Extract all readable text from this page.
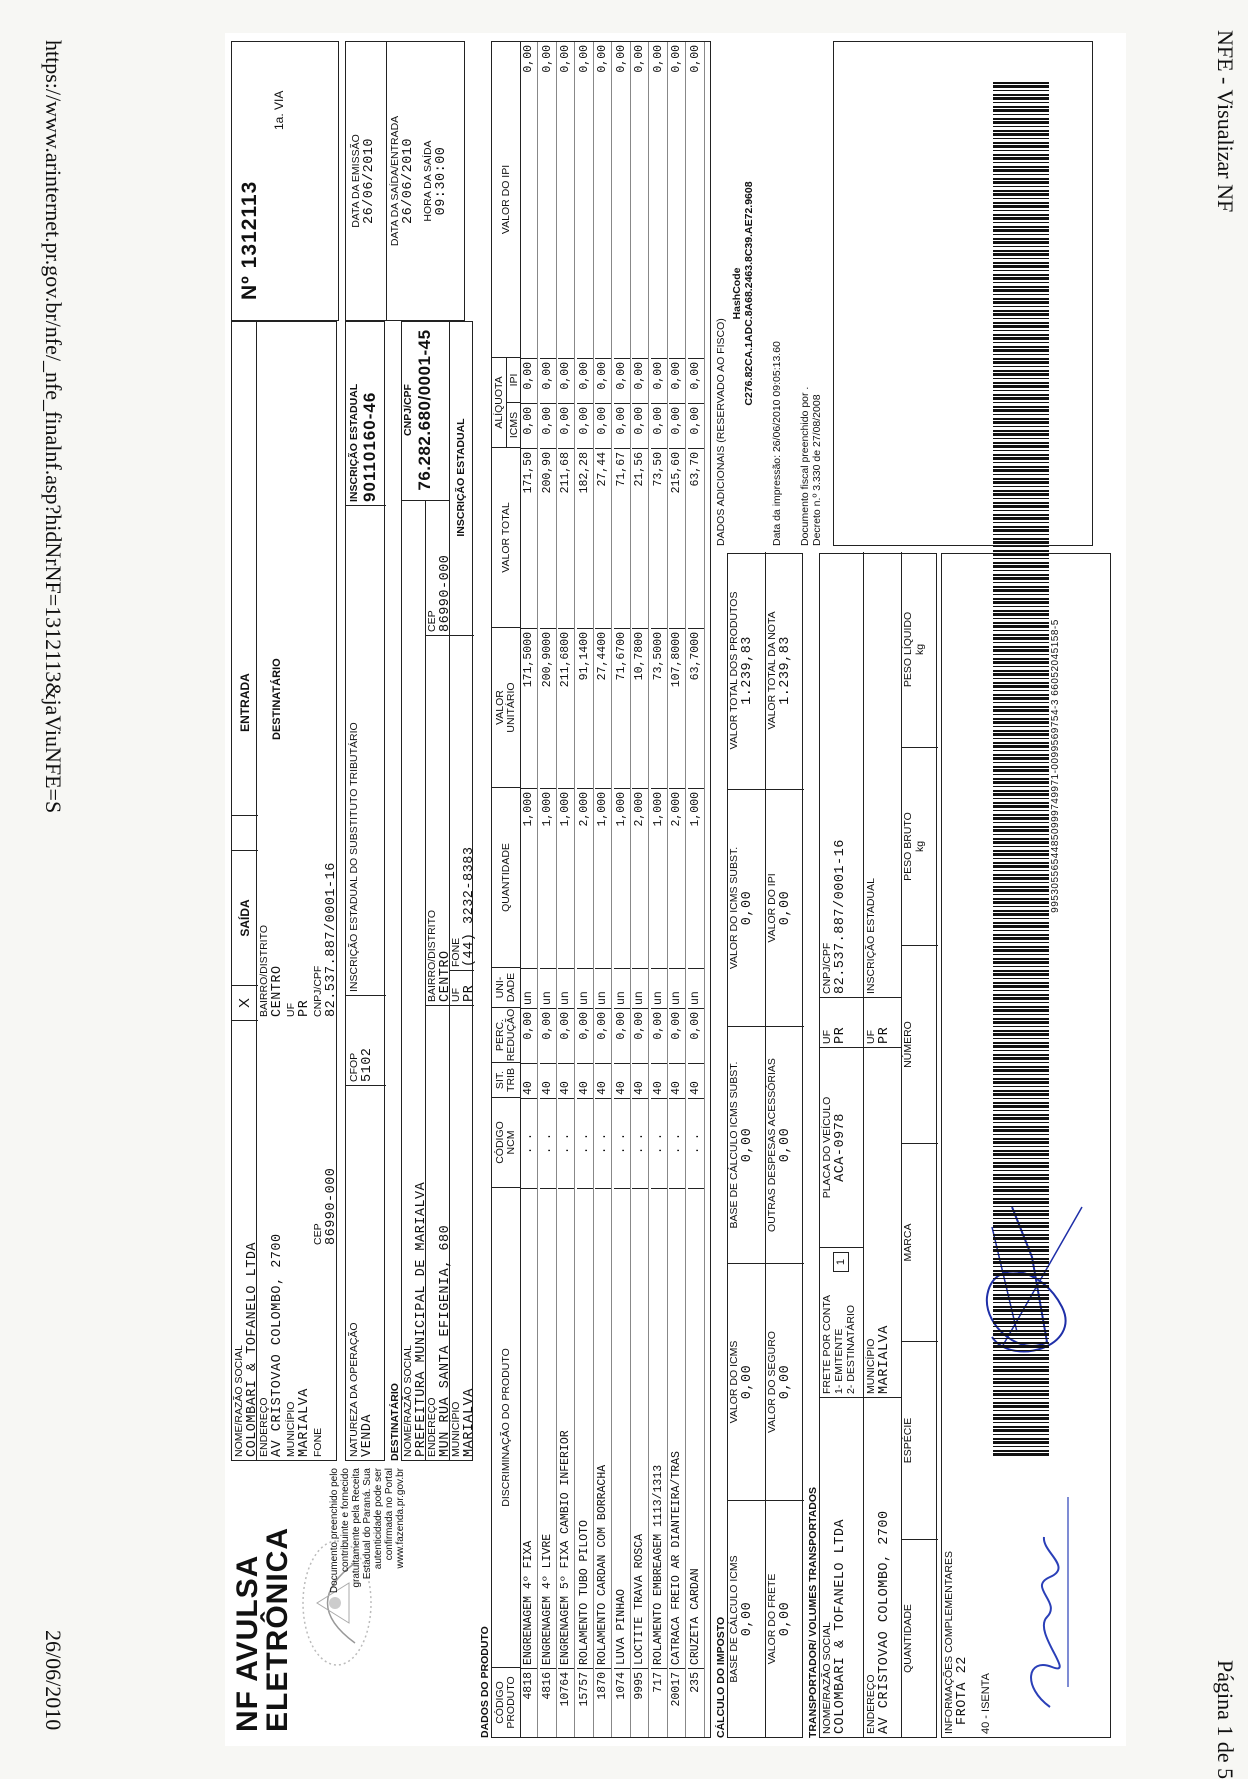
NFE - Visualizar NF
Página 1 de 5
https://www.arinternet.pr.gov.br/nfe/_nfe_finalnf.asp?hidNrNF=1312113&jaViuNFE=S
26/06/2010	NF AVULSA
ELETRÔNICA	Documento preenchido pelo contribuinte e fornecido gratuitamente pela Receita Estadual do Paraná. Sua autenticidade pode ser confirmada no Portal www.fazenda.pr.gov.br
NOME/RAZÃO SOCIAL COLOMBARI & TOFANELO LTDA
X
SAÍDA
ENTRADA
ENDEREÇO AV CRISTOVAO COLOMBO, 2700
BAIRRO/DISTRITO CENTRO
MUNICÍPIO MARIALVA
UF PR
FONE
CEP 86990-000
CNPJ/CPF 82.537.887/0001-16
DESTINATÁRIO
Nº 1312113
1a. VIA
NATUREZA DA OPERAÇÃO VENDA
CFOP 5102
INSCRIÇÃO ESTADUAL DO SUBSTITUTO TRIBUTÁRIO
INSCRIÇÃO ESTADUAL 90110160-46
DATA DA EMISSÃO 26/06/2010 DATA DA SAÍDA/ENTRADA 26/06/2010 HORA DA SAÍDA 09:30:00
DESTINATÁRIO NOME/RAZÃO SOCIAL PREFEITURA MUNICIPAL DE MARIALVA
CNPJ/CPF 76.282.680/0001-45
ENDEREÇO MUN RUA SANTA EFIGENIA, 680
BAIRRO/DISTRITO CENTRO
CEP 86990-000
MUNICÍPIO MARIALVA
UF PR
FONE (44) 3232-8383
INSCRIÇÃO ESTADUAL
DADOS DO PRODUTO CÓDIGO
PRODUTO
DISCRIMINAÇÃO DO PRODUTO
CÓDIGO
NCM
SIT.
TRIB
PERC.
REDUÇÃO
UNI-
DADE
QUANTIDADE
VALOR
UNITÁRIO
VALOR TOTAL
ALÍQUOTA ICMS
IPI
VALOR DO IPI
4818
ENGRENAGEM 4º FIXA
. .
40
0,00
un
1,000
171,5000
171,50
0,00
0,00
0,00
4816
ENGRENAGEM 4º LIVRE
. .
40
0,00
un
1,000
200,9000
200,90
0,00
0,00
0,00
10764
ENGRENAGEM 5º FIXA CAMBIO INFERIOR
. .
40
0,00
un
1,000
211,6800
211,68
0,00
0,00
0,00
15757
ROLAMENTO TUBO PILOTO
. .
40
0,00
un
2,000
91,1400
182,28
0,00
0,00
0,00
1870
ROLAMENTO CARDAN COM BORRACHA
. .
40
0,00
un
1,000
27,4400
27,44
0,00
0,00
0,00
1074
LUVA PINHAO
. .
40
0,00
un
1,000
71,6700
71,67
0,00
0,00
0,00
9995
LOCTITE TRAVA ROSCA
. .
40
0,00
un
2,000
10,7800
21,56
0,00
0,00
0,00
717
ROLAMENTO EMBREAGEM 1113/1313
. .
40
0,00
un
1,000
73,5000
73,50
0,00
0,00
0,00
20017
CATRACA FREIO AR DIANTEIRA/TRAS
. .
40
0,00
un
2,000
107,8000
215,60
0,00
0,00
0,00
235
CRUZETA CARDAN
. .
40
0,00
un
1,000
63,7000
63,70
0,00
0,00
0,00
CÁLCULO DO IMPOSTO BASE DE CÁLCULO ICMS 0,00
VALOR DO ICMS 0,00
BASE DE CÁLCULO ICMS SUBST. 0,00
VALOR DO ICMS SUBST. 0,00
VALOR TOTAL DOS PRODUTOS 1.239,83
VALOR DO FRETE 0,00
VALOR DO SEGURO 0,00
OUTRAS DESPESAS ACESSÓRIAS 0,00
VALOR DO IPI 0,00
VALOR TOTAL DA NOTA 1.239,83
TRANSPORTADOR/ VOLUMES TRANSPORTADOS NOME/RAZÃO SOCIAL COLOMBARI & TOFANELO LTDA
FRETE POR CONTA 1- EMITENTE 2- DESTINATÁRIO
1
PLACA DO VEÍCULO ACA-0978
UF PR
CNPJ/CPF 82.537.887/0001-16
ENDEREÇO AV CRISTOVAO COLOMBO, 2700
MUNICÍPIO MARIALVA
UF PR
INSCRIÇÃO ESTADUAL
QUANTIDADE
ESPÉCIE
MARCA
NÚMERO
PESO BRUTO kg
PESO LÍQUIDO kg
DADOS ADICIONAIS (RESERVADO AO FISCO)
HashCode C276.82CA.1ADC.8A68.2463.8C39.AE72.9608
Data da impressão: 26/06/2010 09:05:13.60 Documento fiscal preenchido por . Decreto n.º 3.330 de 27/08/2008
INFORMAÇÕES COMPLEMENTARES FROTA 22 40 - ISENTA
99530556544850999749971-0099569754-3 66052045158-5
